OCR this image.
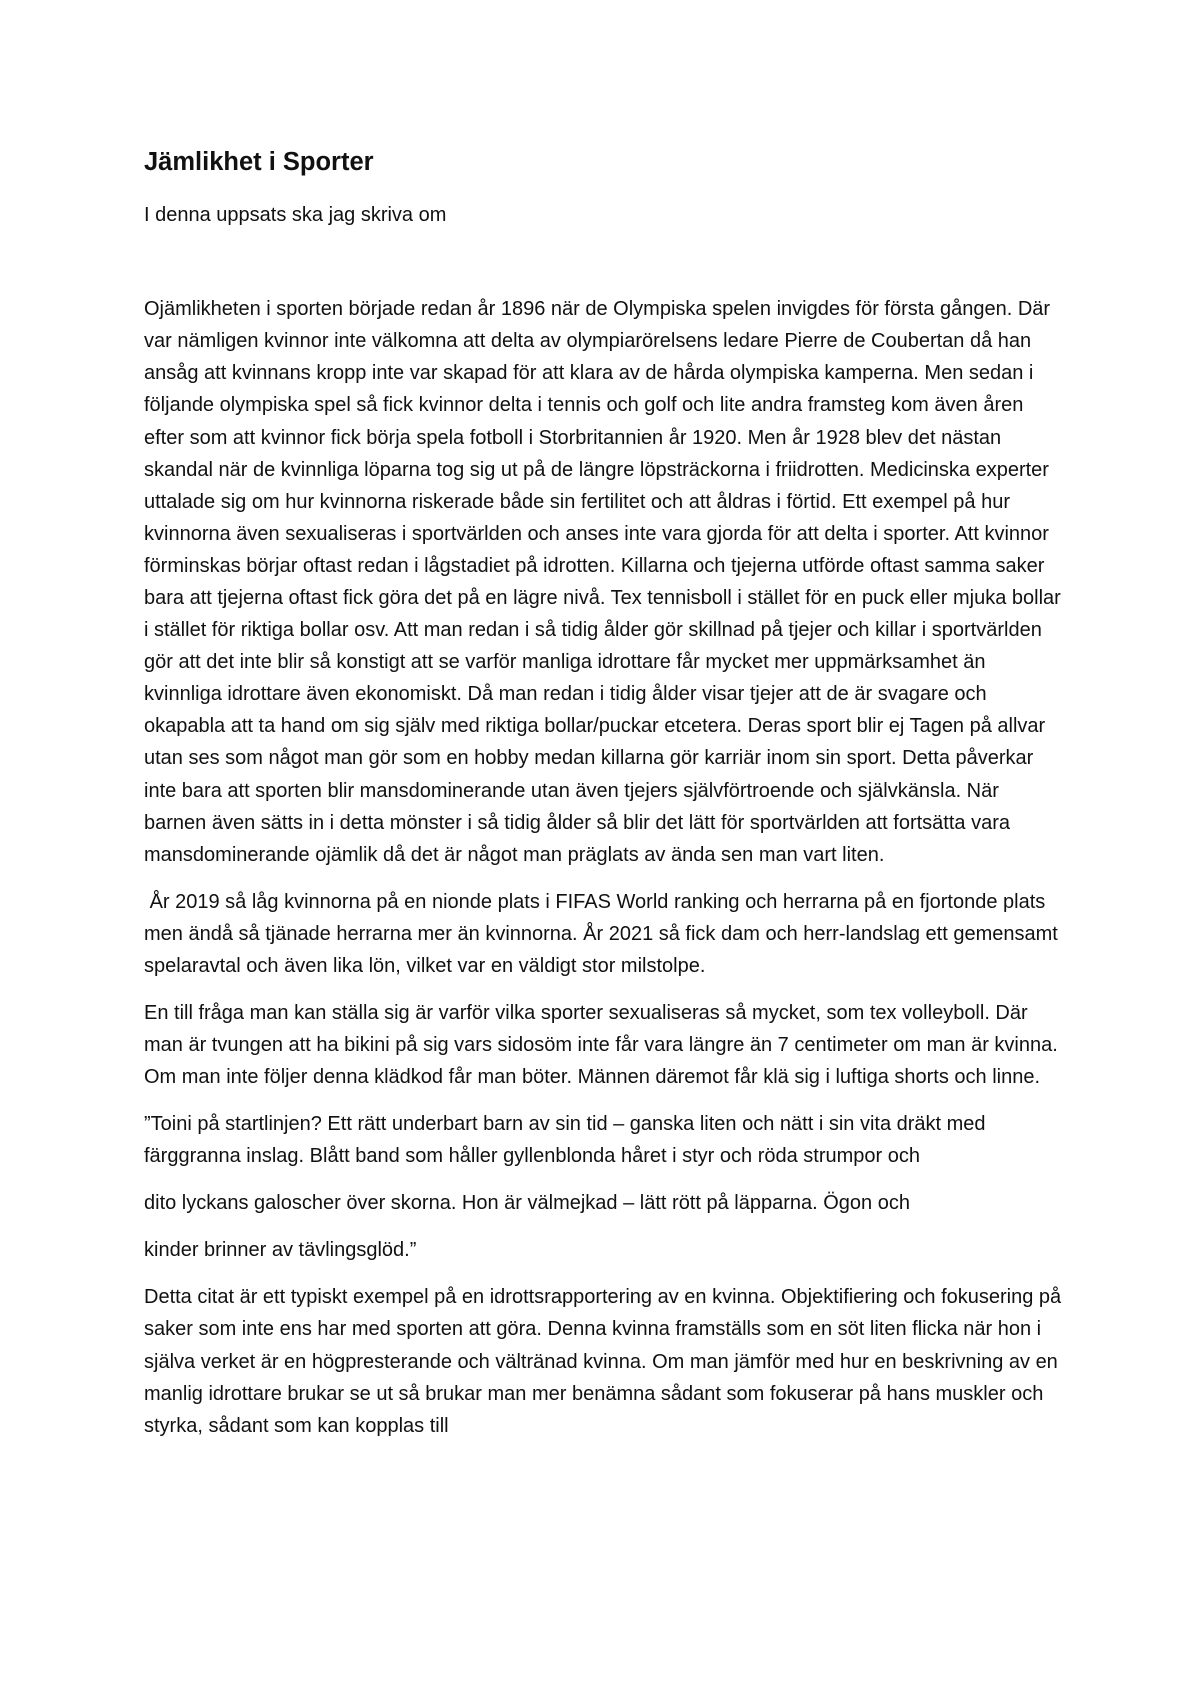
Jämlikhet i Sporter

I denna uppsats ska jag skriva om

Ojämlikheten i sporten började redan år 1896 när de Olympiska spelen invigdes för första gången. Där var nämligen kvinnor inte välkomna att delta av olympiarörelsens ledare Pierre de Coubertan då han ansåg att kvinnans kropp inte var skapad för att klara av de hårda olympiska kamperna. Men sedan i följande olympiska spel så fick kvinnor delta i tennis och golf och lite andra framsteg kom även åren efter som att kvinnor fick börja spela fotboll i Storbritannien år 1920. Men år 1928 blev det nästan skandal när de kvinnliga löparna tog sig ut på de längre löpsträckorna i friidrotten. Medicinska experter uttalade sig om hur kvinnorna riskerade både sin fertilitet och att åldras i förtid. Ett exempel på hur kvinnorna även sexualiseras i sportvärlden och anses inte vara gjorda för att delta i sporter. Att kvinnor förminskas börjar oftast redan i lågstadiet på idrotten. Killarna och tjejerna utförde oftast samma saker bara att tjejerna oftast fick göra det på en lägre nivå. Tex tennisboll i stället för en puck eller mjuka bollar i stället för riktiga bollar osv. Att man redan i så tidig ålder gör skillnad på tjejer och killar i sportvärlden gör att det inte blir så konstigt att se varför manliga idrottare får mycket mer uppmärksamhet än kvinnliga idrottare även ekonomiskt. Då man redan i tidig ålder visar tjejer att de är svagare och okapabla att ta hand om sig själv med riktiga bollar/puckar etcetera. Deras sport blir ej Tagen på allvar utan ses som något man gör som en hobby medan killarna gör karriär inom sin sport. Detta påverkar inte bara att sporten blir mansdominerande utan även tjejers självförtroende och självkänsla. När barnen även sätts in i detta mönster i så tidig ålder så blir det lätt för sportvärlden att fortsätta vara mansdominerande ojämlik då det är något man präglats av ända sen man vart liten.

År 2019 så låg kvinnorna på en nionde plats i FIFAS World ranking och herrarna på en fjortonde plats men ändå så tjänade herrarna mer än kvinnorna. År 2021 så fick dam och herr-landslag ett gemensamt spelaravtal och även lika lön, vilket var en väldigt stor milstolpe.

En till fråga man kan ställa sig är varför vilka sporter sexualiseras så mycket, som tex volleyboll. Där man är tvungen att ha bikini på sig vars sidosöm inte får vara längre än 7 centimeter om man är kvinna. Om man inte följer denna klädkod får man böter. Männen däremot får klä sig i luftiga shorts och linne.

”Toini på startlinjen? Ett rätt underbart barn av sin tid – ganska liten och nätt i sin vita dräkt med färggranna inslag. Blått band som håller gyllenblonda håret i styr och röda strumpor och

dito lyckans galoscher över skorna. Hon är välmejkad – lätt rött på läpparna. Ögon och

kinder brinner av tävlingsglöd.”

Detta citat är ett typiskt exempel på en idrottsrapportering av en kvinna. Objektifiering och fokusering på saker som inte ens har med sporten att göra. Denna kvinna framställs som en söt liten flicka när hon i själva verket är en högpresterande och vältränad kvinna. Om man jämför med hur en beskrivning av en manlig idrottare brukar se ut så brukar man mer benämna sådant som fokuserar på hans muskler och styrka, sådant som kan kopplas till
